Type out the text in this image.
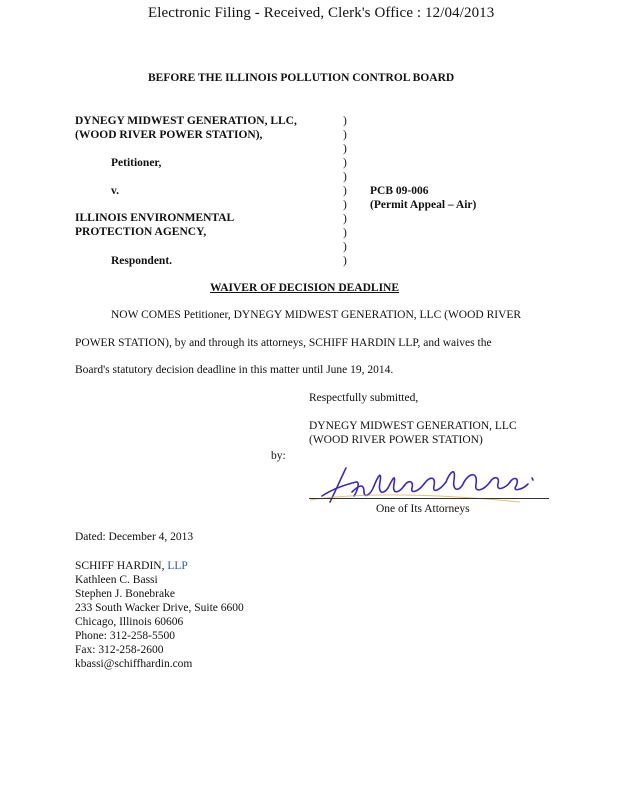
Electronic Filing - Received, Clerk's Office : 12/04/2013
BEFORE THE ILLINOIS POLLUTION CONTROL BOARD
DYNEGY MIDWEST GENERATION, LLC,
(WOOD RIVER POWER STATION),
Petitioner,
v.
ILLINOIS ENVIRONMENTAL
PROTECTION AGENCY,
Respondent.
)
)
)
)
)
)
)
)
)
)
)
PCB 09-006
(Permit Appeal – Air)
WAIVER OF DECISION DEADLINE
NOW COMES Petitioner, DYNEGY MIDWEST GENERATION, LLC (WOOD RIVER
POWER STATION), by and through its attorneys, SCHIFF HARDIN LLP, and waives the
Board's statutory decision deadline in this matter until June 19, 2014.
Respectfully submitted,
DYNEGY MIDWEST GENERATION, LLC
(WOOD RIVER POWER STATION)
by:
One of Its Attorneys
Dated: December 4, 2013
SCHIFF HARDIN, LLP
Kathleen C. Bassi
Stephen J. Bonebrake
233 South Wacker Drive, Suite 6600
Chicago, Illinois 60606
Phone: 312-258-5500
Fax: 312-258-2600
kbassi@schiffhardin.com
